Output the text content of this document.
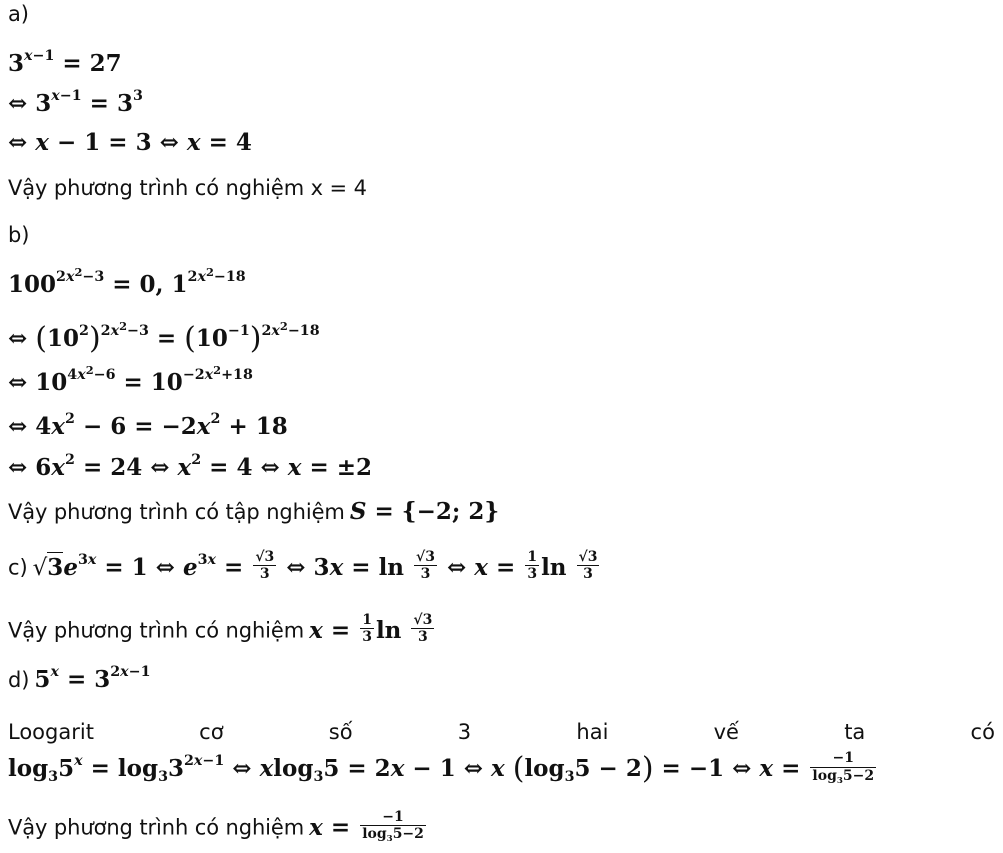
a)
$3^{x-1} = 27$
⇔ $3^{x-1} = 3^3$
⇔ x − 1 = 3 ⇔ x = 4
Vậy phương trình có nghiệm x = 4
b)
$100^{2x^2-3} = 0$, $1^{2x^2-18}$
⇔ $(10^2)^{2x^2-3} = (10^{-1})^{2x^2-18}$
⇔ $10^{4x^2-6} = 10^{-2x^2+18}$
⇔ $4x^2 - 6 = -2x^2 + 18$
⇔ $6x^2 = 24$ ⇔ $x^2 = 4$ ⇔ x = ±2
Vậy phương trình có tập nghiệm S = {−2; 2}
c) $√3e^{3x} = 1$ ⇔ $e^{3x} = \frac{√3}{3}$ ⇔ $3x = \ln \frac{√3}{3}$ ⇔ $x = \frac{1}{3}$ $\ln \frac{√3}{3}$
Vậy phương trình có nghiệm $x = \frac{1}{3}$ $\ln \frac{√3}{3}$
d) $5^x = 3^{2x-1}$
Loogarit	cơ	số	3	hai	vế	ta	có
$\log_35^x = \log_33^{2x-1}$ ⇔ xlog$_3$5 = 2x − 1 ⇔ x $(\log_35 - 2) = -1$ ⇔ $x = \frac{-1}{\log_35-2}$
Vậy phương trình có nghiệm $x = \frac{-1}{\log_35-2}$
